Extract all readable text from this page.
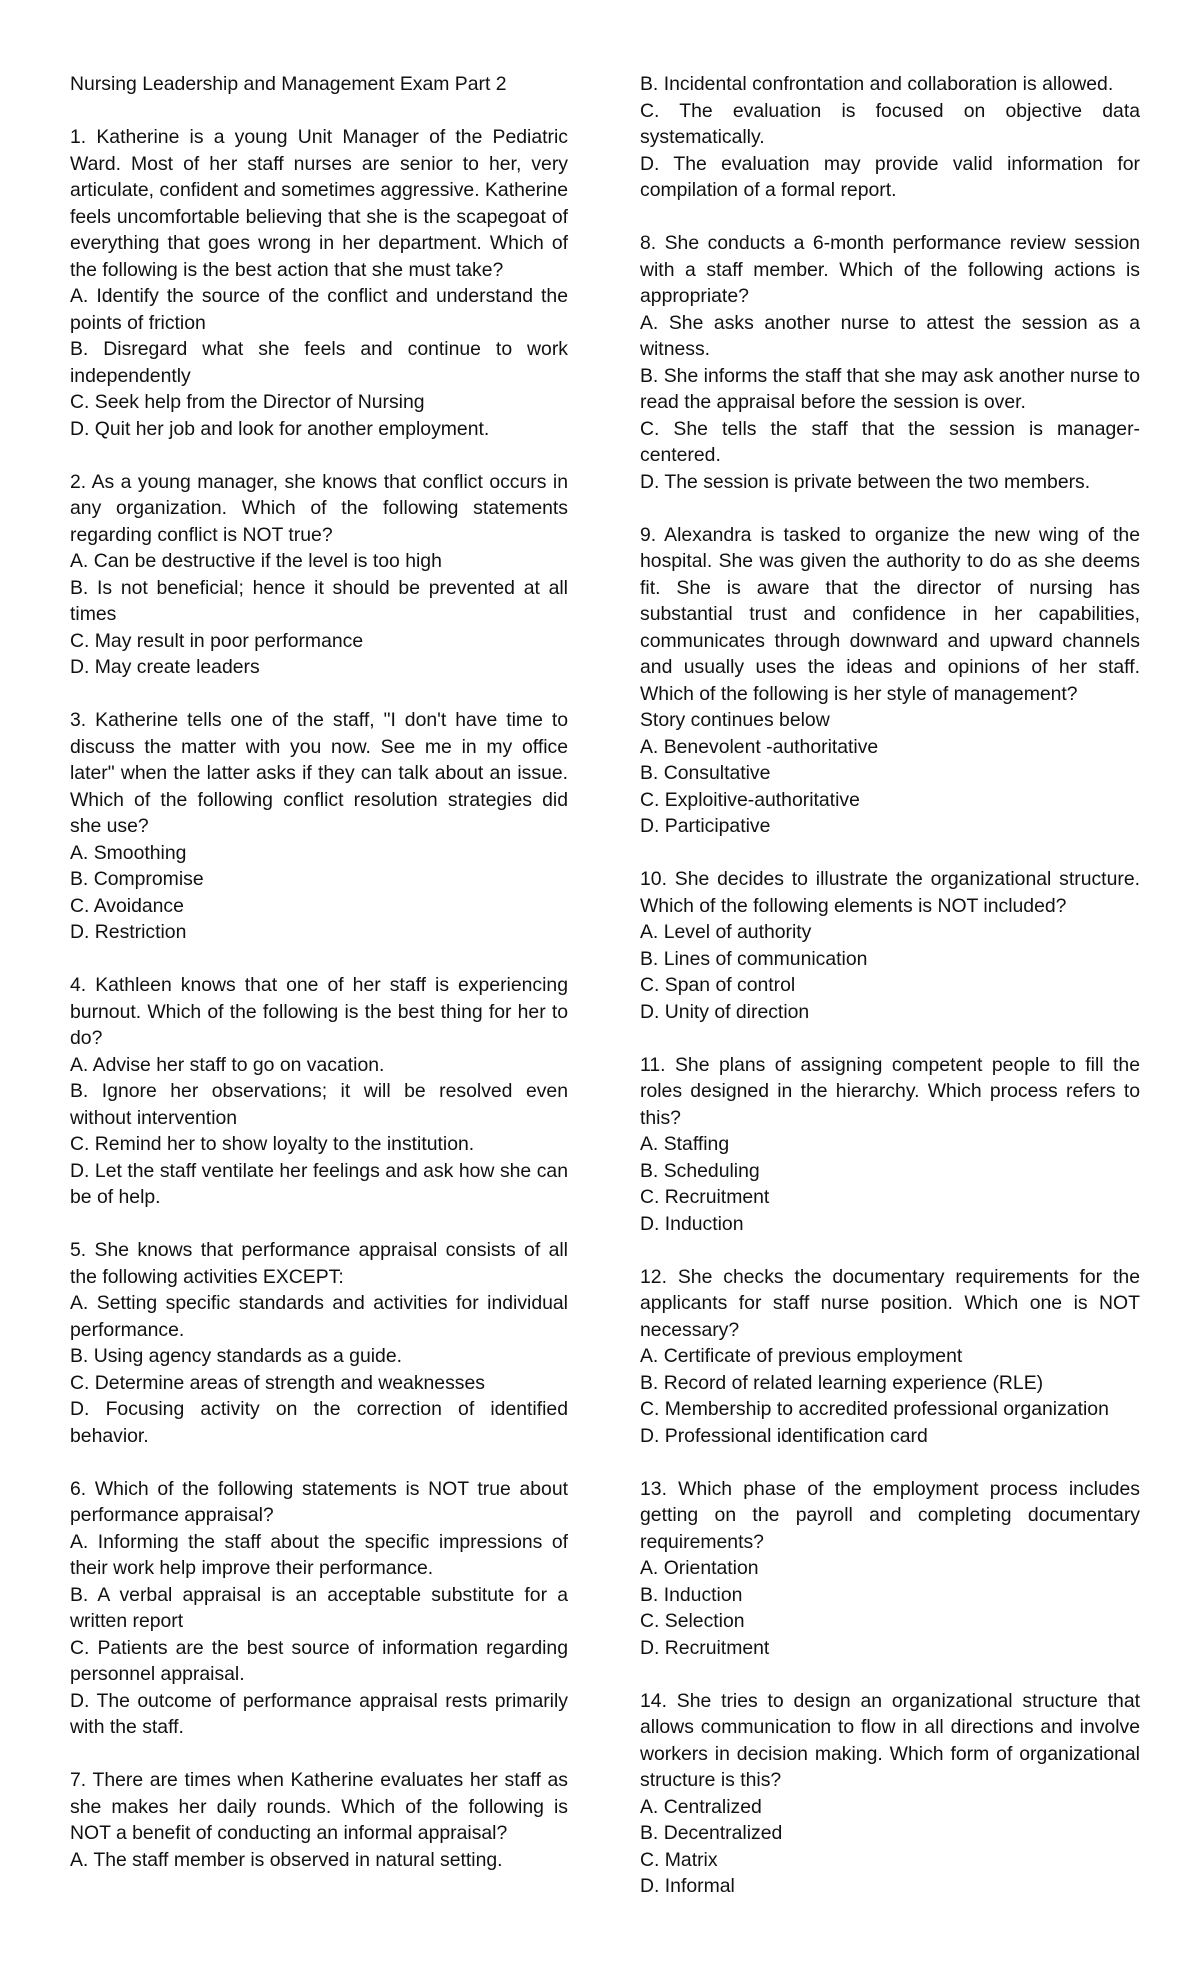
Nursing Leadership and Management Exam Part 2

1. Katherine is a young Unit Manager of the Pediatric Ward. Most of her staff nurses are senior to her, very articulate, confident and sometimes aggressive. Katherine feels uncomfortable believing that she is the scapegoat of everything that goes wrong in her department. Which of the following is the best action that she must take?

A. Identify the source of the conflict and understand the points of friction

B. Disregard what she feels and continue to work independently

C. Seek help from the Director of Nursing

D. Quit her job and look for another employment.

2. As a young manager, she knows that conflict occurs in any organization. Which of the following statements regarding conflict is NOT true?

A. Can be destructive if the level is too high

B. Is not beneficial; hence it should be prevented at all times

C. May result in poor performance

D. May create leaders

3. Katherine tells one of the staff, "I don't have time to discuss the matter with you now. See me in my office later" when the latter asks if they can talk about an issue. Which of the following conflict resolution strategies did she use?

A. Smoothing

B. Compromise

C. Avoidance

D. Restriction

4. Kathleen knows that one of her staff is experiencing burnout. Which of the following is the best thing for her to do?

A. Advise her staff to go on vacation.

B. Ignore her observations; it will be resolved even without intervention

C. Remind her to show loyalty to the institution.

D. Let the staff ventilate her feelings and ask how she can be of help.

5. She knows that performance appraisal consists of all the following activities EXCEPT:

A. Setting specific standards and activities for individual performance.

B. Using agency standards as a guide.

C. Determine areas of strength and weaknesses

D. Focusing activity on the correction of identified behavior.

6. Which of the following statements is NOT true about performance appraisal?

A. Informing the staff about the specific impressions of their work help improve their performance.

B. A verbal appraisal is an acceptable substitute for a written report

C. Patients are the best source of information regarding personnel appraisal.

D. The outcome of performance appraisal rests primarily with the staff.

7. There are times when Katherine evaluates her staff as she makes her daily rounds. Which of the following is NOT a benefit of conducting an informal appraisal?

A. The staff member is observed in natural setting.

B. Incidental confrontation and collaboration is allowed.

C. The evaluation is focused on objective data systematically.

D. The evaluation may provide valid information for compilation of a formal report.

8. She conducts a 6-month performance review session with a staff member. Which of the following actions is appropriate?

A. She asks another nurse to attest the session as a witness.

B. She informs the staff that she may ask another nurse to read the appraisal before the session is over.

C. She tells the staff that the session is manager-centered.

D. The session is private between the two members.

9. Alexandra is tasked to organize the new wing of the hospital. She was given the authority to do as she deems fit. She is aware that the director of nursing has substantial trust and confidence in her capabilities, communicates through downward and upward channels and usually uses the ideas and opinions of her staff. Which of the following is her style of management?

Story continues below

A. Benevolent -authoritative

B. Consultative

C. Exploitive-authoritative

D. Participative

10. She decides to illustrate the organizational structure. Which of the following elements is NOT included?

A. Level of authority

B. Lines of communication

C. Span of control

D. Unity of direction

11. She plans of assigning competent people to fill the roles designed in the hierarchy. Which process refers to this?

A. Staffing

B. Scheduling

C. Recruitment

D. Induction

12. She checks the documentary requirements for the applicants for staff nurse position. Which one is NOT necessary?

A. Certificate of previous employment

B. Record of related learning experience (RLE)

C. Membership to accredited professional organization

D. Professional identification card

13. Which phase of the employment process includes getting on the payroll and completing documentary requirements?

A. Orientation

B. Induction

C. Selection

D. Recruitment

14. She tries to design an organizational structure that allows communication to flow in all directions and involve workers in decision making. Which form of organizational structure is this?

A. Centralized

B. Decentralized

C. Matrix

D. Informal
